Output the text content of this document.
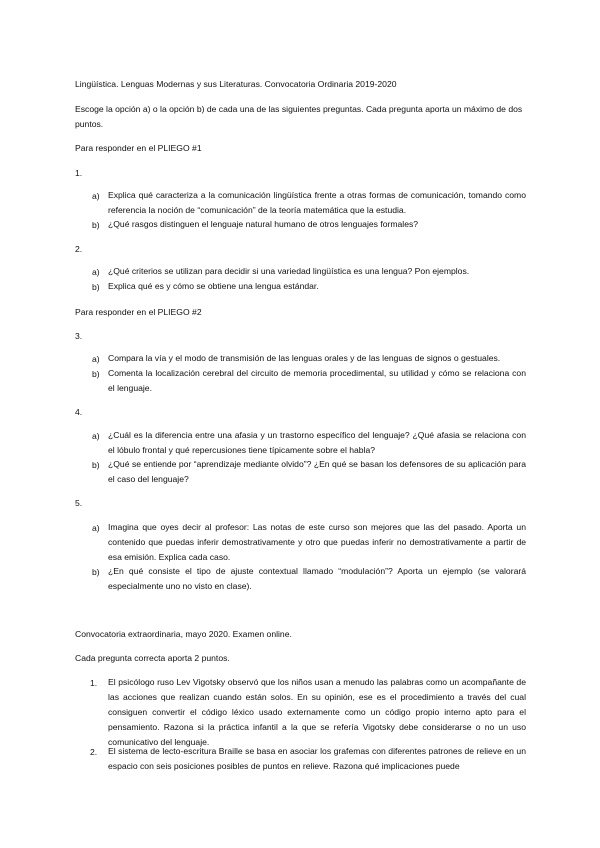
Lingüística. Lenguas Modernas y sus Literaturas. Convocatoria Ordinaria 2019-2020
Escoge la opción a) o la opción b) de cada una de las siguientes preguntas. Cada pregunta aporta un máximo de dos puntos.
Para responder en el PLIEGO #1
1.
a) Explica qué caracteriza a la comunicación lingüística frente a otras formas de comunicación, tomando como referencia la noción de “comunicación” de la teoría matemática que la estudia.
b) ¿Qué rasgos distinguen el lenguaje natural humano de otros lenguajes formales?
2.
a) ¿Qué criterios se utilizan para decidir si una variedad lingüística es una lengua? Pon ejemplos.
b) Explica qué es y cómo se obtiene una lengua estándar.
Para responder en el PLIEGO #2
3.
a) Compara la vía y el modo de transmisión de las lenguas orales y de las lenguas de signos o gestuales.
b) Comenta la localización cerebral del circuito de memoria procedimental, su utilidad y cómo se relaciona con el lenguaje.
4.
a) ¿Cuál es la diferencia entre una afasia y un trastorno específico del lenguaje? ¿Qué afasia se relaciona con el lóbulo frontal y qué repercusiones tiene típicamente sobre el habla?
b) ¿Qué se entiende por “aprendizaje mediante olvido”? ¿En qué se basan los defensores de su aplicación para el caso del lenguaje?
5.
a) Imagina que oyes decir al profesor: Las notas de este curso son mejores que las del pasado. Aporta un contenido que puedas inferir demostrativamente y otro que puedas inferir no demostrativamente a partir de esa emisión. Explica cada caso.
b) ¿En qué consiste el tipo de ajuste contextual llamado “modulación”? Aporta un ejemplo (se valorará especialmente uno no visto en clase).
Convocatoria extraordinaria, mayo 2020. Examen online.
Cada pregunta correcta aporta 2 puntos.
1. El psicólogo ruso Lev Vigotsky observó que los niños usan a menudo las palabras como un acompañante de las acciones que realizan cuando están solos. En su opinión, ese es el procedimiento a través del cual consiguen convertir el código léxico usado externamente como un código propio interno apto para el pensamiento. Razona si la práctica infantil a la que se refería Vigotsky debe considerarse o no un uso comunicativo del lenguaje.
2. El sistema de lecto-escritura Braille se basa en asociar los grafemas con diferentes patrones de relieve en un espacio con seis posiciones posibles de puntos en relieve. Razona qué implicaciones puede
